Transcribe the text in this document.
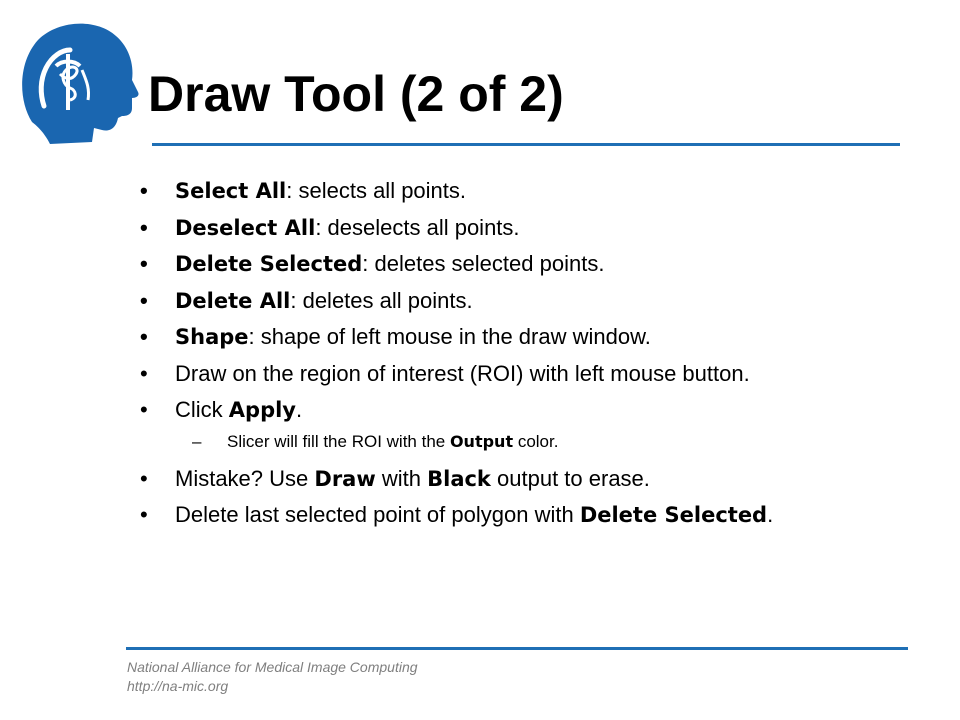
Draw Tool (2 of 2)
•	Select All: selects all points.
•	Deselect All: deselects all points.
•	Delete Selected: deletes selected points.
•	Delete All: deletes all points.
•	Shape: shape of left mouse in the draw window.
•	Draw on the region of interest (ROI) with left mouse button.
•	Click Apply.
– Slicer will fill the ROI with the Output color.
•	Mistake? Use Draw with Black output to erase.
•	Delete last selected point of polygon with Delete Selected.
National Alliance for Medical Image Computing
http://na-mic.org
